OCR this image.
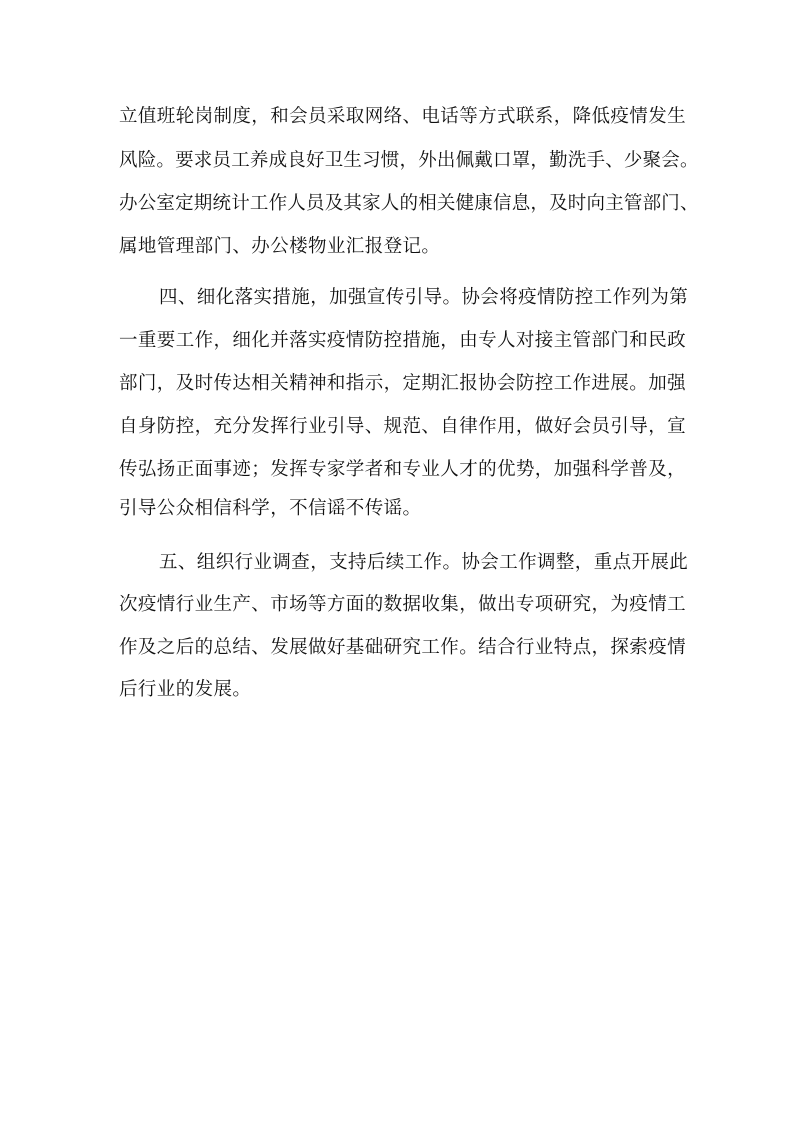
立值班轮岗制度，和会员采取网络、电话等方式联系，降低疫情发生

风险。要求员工养成良好卫生习惯，外出佩戴口罩，勤洗手、少聚会。

办公室定期统计工作人员及其家人的相关健康信息，及时向主管部门、

属地管理部门、办公楼物业汇报登记。

四、细化落实措施，加强宣传引导。协会将疫情防控工作列为第

一重要工作，细化并落实疫情防控措施，由专人对接主管部门和民政

部门，及时传达相关精神和指示，定期汇报协会防控工作进展。加强

自身防控，充分发挥行业引导、规范、自律作用，做好会员引导，宣

传弘扬正面事迹；发挥专家学者和专业人才的优势，加强科学普及，

引导公众相信科学，不信谣不传谣。

五、组织行业调查，支持后续工作。协会工作调整，重点开展此

次疫情行业生产、市场等方面的数据收集，做出专项研究，为疫情工

作及之后的总结、发展做好基础研究工作。结合行业特点，探索疫情

后行业的发展。
